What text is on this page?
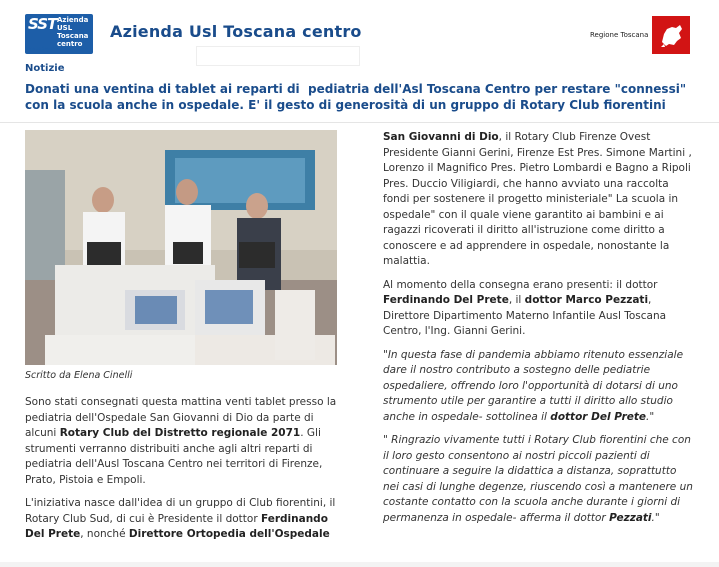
SST Azienda
USL
Toscana
centro
Servizio Sanitario della Toscana
Azienda Usl Toscana centro	Regione Toscana
Notizie
Donati una ventina di tablet ai reparti di pediatria dell'Asl Toscana Centro per restare "connessi"
con la scuola anche in ospedale. E' il gesto di generosità di un gruppo di Rotary Club fiorentini
Scritto da Elena Cinelli

Sono stati consegnati questa mattina venti tablet presso la pediatria dell'Ospedale San Giovanni di Dio da parte di alcuni Rotary Club del Distretto regionale 2071. Gli strumenti verranno distribuiti anche agli altri reparti di pediatria dell'Ausl Toscana Centro nei territori di Firenze, Prato, Pistoia e Empoli.

L'iniziativa nasce dall'idea di un gruppo di Club fiorentini, il Rotary Club Sud, di cui è Presidente il dottor Ferdinando Del Prete, nonché Direttore Ortopedia dell'Ospedale

San Giovanni di Dio, il Rotary Club Firenze Ovest Presidente Gianni Gerini, Firenze Est Pres. Simone Martini , Lorenzo il Magnifico Pres. Pietro Lombardi e Bagno a Ripoli Pres. Duccio Viligiardi, che hanno avviato una raccolta fondi per sostenere il progetto ministeriale" La scuola in ospedale" con il quale viene garantito ai bambini e ai ragazzi ricoverati il diritto all'istruzione come diritto a conoscere e ad apprendere in ospedale, nonostante la malattia.

Al momento della consegna erano presenti: il dottor Ferdinando Del Prete, il dottor Marco Pezzati, Direttore Dipartimento Materno Infantile Ausl Toscana Centro, l'Ing. Gianni Gerini.

"In questa fase di pandemia abbiamo ritenuto essenziale dare il nostro contributo a sostegno delle pediatrie ospedaliere, offrendo loro l'opportunità di dotarsi di uno strumento utile per garantire a tutti il diritto allo studio anche in ospedale- sottolinea il dottor Del Prete."

" Ringrazio vivamente tutti i Rotary Club fiorentini che con il loro gesto consentono ai nostri piccoli pazienti di continuare a seguire la didattica a distanza, soprattutto nei casi di lunghe degenze, riuscendo così a mantenere un costante contatto con la scuola anche durante i giorni di permanenza in ospedale- afferma il dottor Pezzati."
